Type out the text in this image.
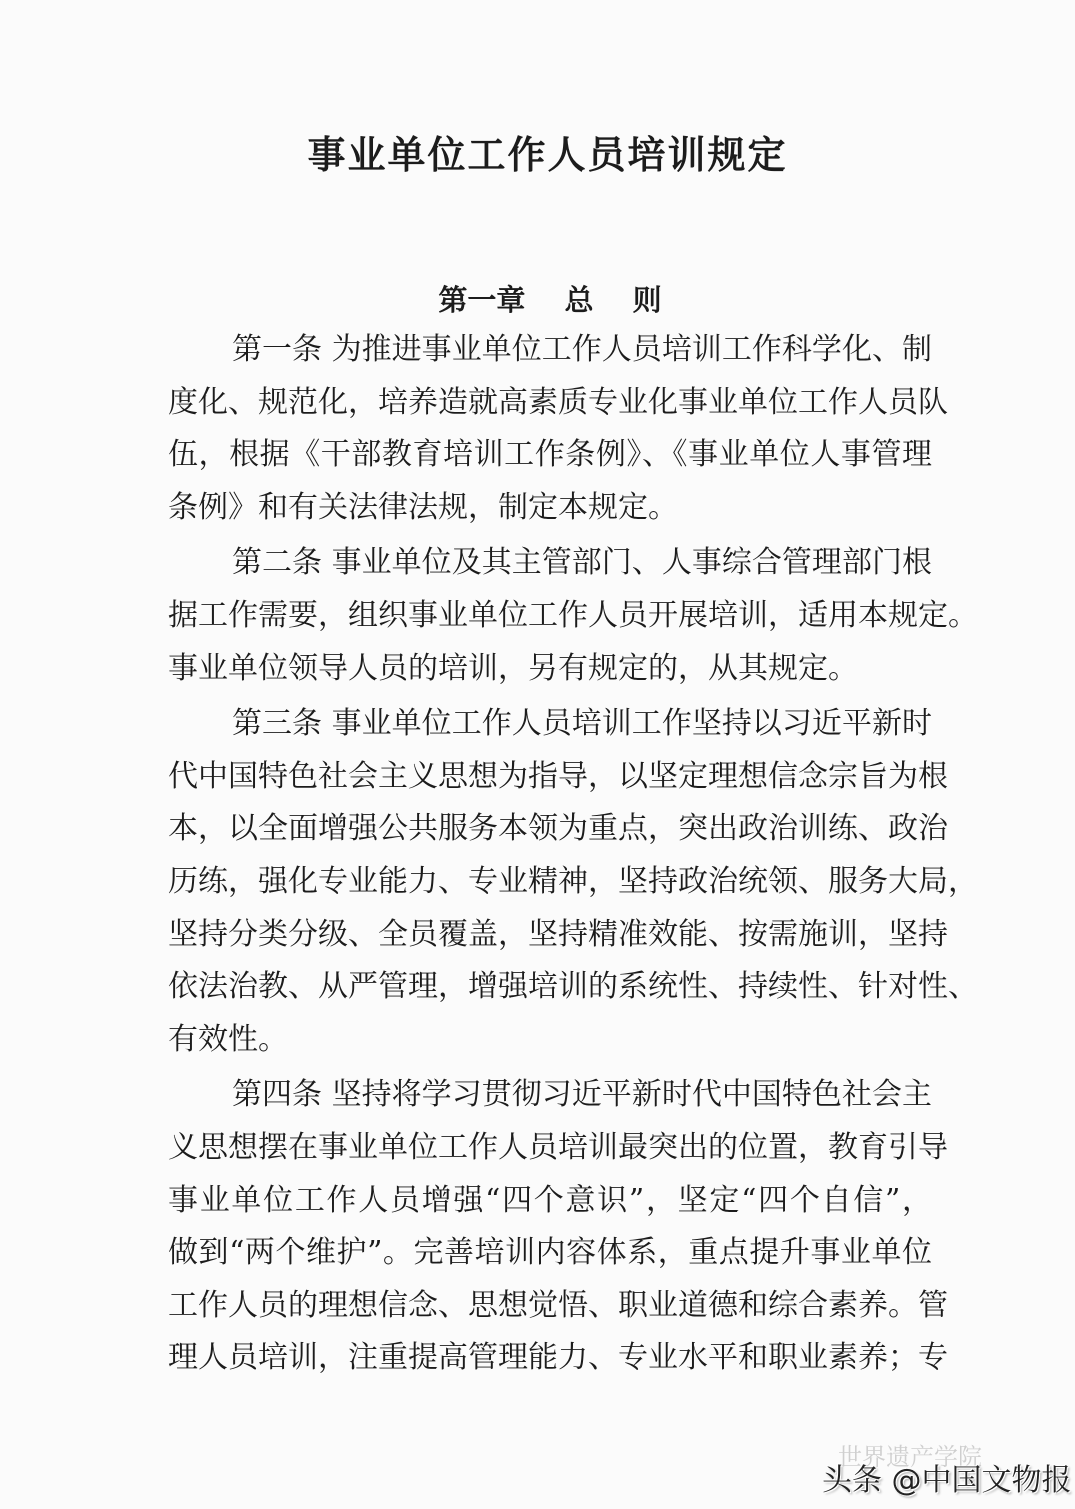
事业单位工作人员培训规定
第一章　 总　 则
第一条 为推进事业单位工作人员培训工作科学化、制
度化、规范化，培养造就高素质专业化事业单位工作人员队
伍，根据《干部教育培训工作条例》、《事业单位人事管理
条例》和有关法律法规，制定本规定。
第二条 事业单位及其主管部门、人事综合管理部门根
据工作需要，组织事业单位工作人员开展培训，适用本规定。
事业单位领导人员的培训，另有规定的，从其规定。
第三条 事业单位工作人员培训工作坚持以习近平新时
代中国特色社会主义思想为指导，以坚定理想信念宗旨为根
本，以全面增强公共服务本领为重点，突出政治训练、政治
历练，强化专业能力、专业精神，坚持政治统领、服务大局，
坚持分类分级、全员覆盖，坚持精准效能、按需施训，坚持
依法治教、从严管理，增强培训的系统性、持续性、针对性、
有效性。
第四条 坚持将学习贯彻习近平新时代中国特色社会主
义思想摆在事业单位工作人员培训最突出的位置，教育引导
事业单位工作人员增强“四个意识”，坚定“四个自信”，
做到“两个维护”。完善培训内容体系，重点提升事业单位
工作人员的理想信念、思想觉悟、职业道德和综合素养。管
理人员培训，注重提高管理能力、专业水平和职业素养；专
世界遗产学院
头条 @中国文物报
